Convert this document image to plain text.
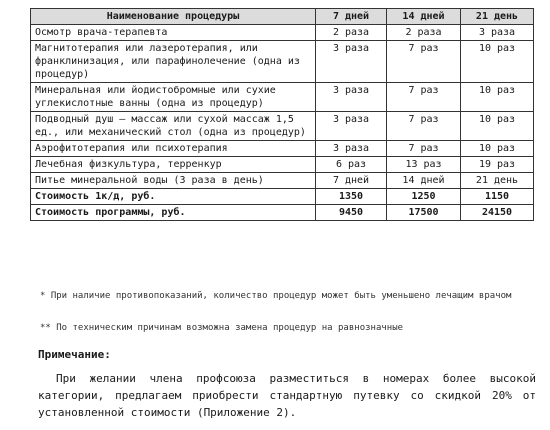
Наименование процедуры	7 дней	14 дней	21 день
Осмотр врача-терапевта	2 раза	2 раза	3 раза
Магнитотерапия или лазеротерапия, или франклинизация, или парафинолечение (одна из процедур)	3 раза	7 раз	10 раз
Минеральная или йодистобромные или сухие углекислотные ванны (одна из процедур)	3 раза	7 раз	10 раз
Подводный душ – массаж или сухой массаж 1,5 ед., или механический стол (одна из процедур)	3 раза	7 раз	10 раз
Аэрофитотерапия или психотерапия	3 раза	7 раз	10 раз
Лечебная физкультура, терренкур	6 раз	13 раз	19 раз
Питье минеральной воды (3 раза в день)	7 дней	14 дней	21 день
Стоимость 1к/д, руб.	1350	1250	1150
Стоимость программы, руб.	9450	17500	24150
* При наличие противопоказаний, количество процедур может быть уменьшено лечащим врачом
** По техническим причинам возможна замена процедур на равнозначные
Примечание:
При желании члена профсоюза разместиться в номерах более высокой категории, предлагаем приобрести стандартную путевку со скидкой 20% от установленной стоимости (Приложение 2).
